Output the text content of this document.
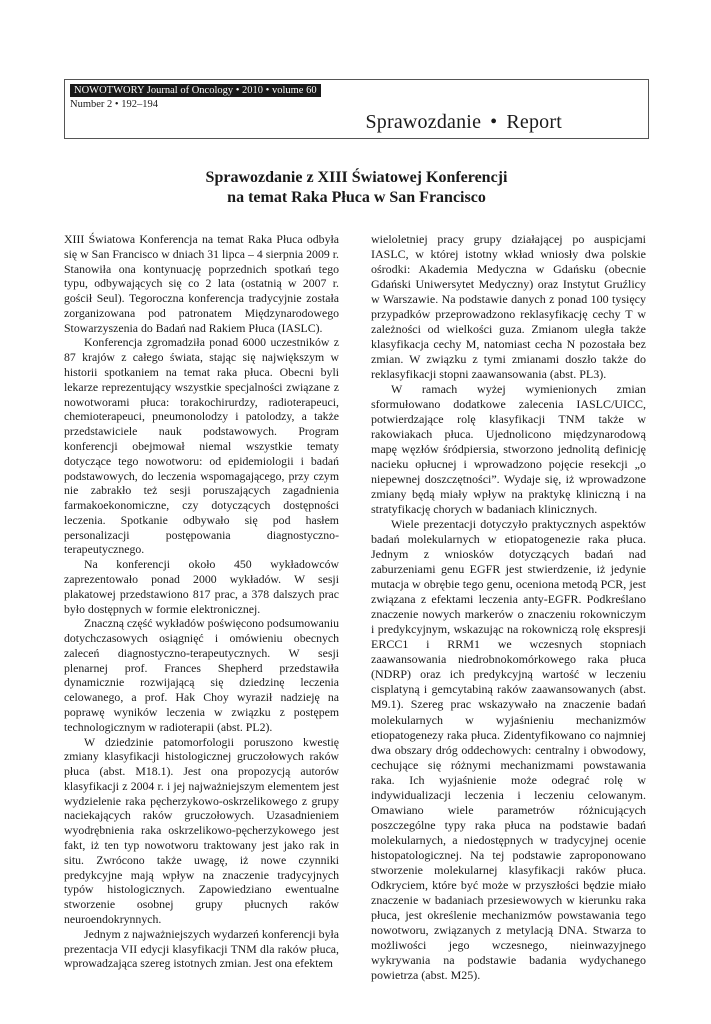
NOWOTWORY Journal of Oncology • 2010 • volume 60
Number 2 • 192–194
Sprawozdanie • Report
Sprawozdanie z XIII Światowej Konferencji
na temat Raka Płuca w San Francisco

XIII Światowa Konferencja na temat Raka Płuca odbyła się w San Francisco w dniach 31 lipca – 4 sierpnia 2009 r. Stanowiła ona kontynuację poprzednich spotkań tego typu, odbywających się co 2 lata (ostatnią w 2007 r. gościł Seul). Tegoroczna konferencja tradycyjnie została zorganizowana pod patronatem Międzynarodowego Stowarzyszenia do Badań nad Rakiem Płuca (IASLC).

Konferencja zgromadziła ponad 6000 uczestników z 87 krajów z całego świata, stając się największym w historii spotkaniem na temat raka płuca. Obecni byli lekarze reprezentujący wszystkie specjalności związane z nowotworami płuca: torakochirurdzy, radioterapeuci, chemioterapeuci, pneumonolodzy i patolodzy, a także przedstawiciele nauk podstawowych. Program konferencji obejmował niemal wszystkie tematy dotyczące tego nowotworu: od epidemiologii i badań podstawowych, do leczenia wspomagającego, przy czym nie zabrakło też sesji poruszających zagadnienia farmakoekonomiczne, czy dotyczących dostępności leczenia. Spotkanie odbywało się pod hasłem personalizacji postępowania diagnostyczno-terapeutycznego.

Na konferencji około 450 wykładowców zaprezentowało ponad 2000 wykładów. W sesji plakatowej przedstawiono 817 prac, a 378 dalszych prac było dostępnych w formie elektronicznej.

Znaczną część wykładów poświęcono podsumowaniu dotychczasowych osiągnięć i omówieniu obecnych zaleceń diagnostyczno-terapeutycznych. W sesji plenarnej prof. Frances Shepherd przedstawiła dynamicznie rozwijającą się dziedzinę leczenia celowanego, a prof. Hak Choy wyraził nadzieję na poprawę wyników leczenia w związku z postępem technologicznym w radioterapii (abst. PL2).

W dziedzinie patomorfologii poruszono kwestię zmiany klasyfikacji histologicznej gruczołowych raków płuca (abst. M18.1). Jest ona propozycją autorów klasyfikacji z 2004 r. i jej najważniejszym elementem jest wydzielenie raka pęcherzykowo-oskrzelikowego z grupy naciekających raków gruczołowych. Uzasadnieniem wyodrębnienia raka oskrzelikowo-pęcherzykowego jest fakt, iż ten typ nowotworu traktowany jest jako rak in situ. Zwrócono także uwagę, iż nowe czynniki predykcyjne mają wpływ na znaczenie tradycyjnych typów histologicznych. Zapowiedziano ewentualne stworzenie osobnej grupy płucnych raków neuroendokrynnych.

Jednym z najważniejszych wydarzeń konferencji była prezentacja VII edycji klasyfikacji TNM dla raków płuca, wprowadzająca szereg istotnych zmian. Jest ona efektem

wieloletniej pracy grupy działającej po auspicjami IASLC, w której istotny wkład wniosły dwa polskie ośrodki: Akademia Medyczna w Gdańsku (obecnie Gdański Uniwersytet Medyczny) oraz Instytut Gruźlicy w Warszawie. Na podstawie danych z ponad 100 tysięcy przypadków przeprowadzono reklasyfikację cechy T w zależności od wielkości guza. Zmianom uległa także klasyfikacja cechy M, natomiast cecha N pozostała bez zmian. W związku z tymi zmianami doszło także do reklasyfikacji stopni zaawansowania (abst. PL3).

W ramach wyżej wymienionych zmian sformułowano dodatkowe zalecenia IASLC/UICC, potwierdzające rolę klasyfikacji TNM także w rakowiakach płuca. Ujednolicono międzynarodową mapę węzłów śródpiersia, stworzono jednolitą definicję nacieku opłucnej i wprowadzono pojęcie resekcji „o niepewnej doszczętności”. Wydaje się, iż wprowadzone zmiany będą miały wpływ na praktykę kliniczną i na stratyfikację chorych w badaniach klinicznych.

Wiele prezentacji dotyczyło praktycznych aspektów badań molekularnych w etiopatogenezie raka płuca. Jednym z wniosków dotyczących badań nad zaburzeniami genu EGFR jest stwierdzenie, iż jedynie mutacja w obrębie tego genu, oceniona metodą PCR, jest związana z efektami leczenia anty-EGFR. Podkreślano znaczenie nowych markerów o znaczeniu rokowniczym i predykcyjnym, wskazując na rokowniczą rolę ekspresji ERCC1 i RRM1 we wczesnych stopniach zaawansowania niedrobnokomórkowego raka płuca (NDRP) oraz ich predykcyjną wartość w leczeniu cisplatyną i gemcytabiną raków zaawansowanych (abst. M9.1). Szereg prac wskazywało na znaczenie badań molekularnych w wyjaśnieniu mechanizmów etiopatogenezy raka płuca. Zidentyfikowano co najmniej dwa obszary dróg oddechowych: centralny i obwodowy, cechujące się różnymi mechanizmami powstawania raka. Ich wyjaśnienie może odegrać rolę w indywidualizacji leczenia i leczeniu celowanym. Omawiano wiele parametrów różnicujących poszczególne typy raka płuca na podstawie badań molekularnych, a niedostępnych w tradycyjnej ocenie histopatologicznej. Na tej podstawie zaproponowano stworzenie molekularnej klasyfikacji raków płuca. Odkryciem, które być może w przyszłości będzie miało znaczenie w badaniach przesiewowych w kierunku raka płuca, jest określenie mechanizmów powstawania tego nowotworu, związanych z metylacją DNA. Stwarza to możliwości jego wczesnego, nieinwazyjnego wykrywania na podstawie badania wydychanego powietrza (abst. M25).
